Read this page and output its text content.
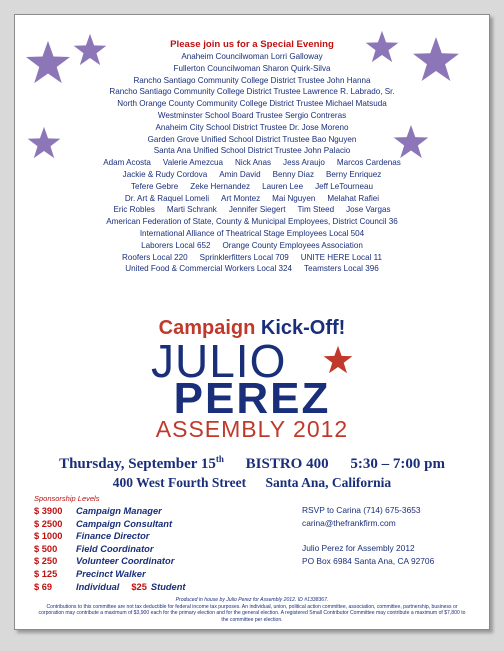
Please join us for a Special Evening
Anaheim Councilwoman Lorri Galloway
Fullerton Councilwoman Sharon Quirk-Silva
Rancho Santiago Community College District Trustee John Hanna
Rancho Santiago Community College District Trustee Lawrence R. Labrado, Sr.
North Orange County Community College District Trustee Michael Matsuda
Westminster School Board Trustee Sergio Contreras
Anaheim City School District Trustee Dr. Jose Moreno
Garden Grove Unified School District Trustee Bao Nguyen
Santa Ana Unified School District Trustee John Palacio
Adam Acosta Valerie Amezcua Nick Anas Jess Araujo Marcos Cardenas
Jackie & Rudy Cordova Amin David Benny Diaz Berny Enriquez
Tefere Gebre Zeke Hernandez Lauren Lee Jeff LeTourneau
Dr. Art & Raquel Lomeli Art Montez Mai Nguyen Melahat Rafiei
Eric Robles Marti Schrank Jennifer Siegert Tim Steed Jose Vargas
American Federation of State, County & Municipal Employees, District Council 36
International Alliance of Theatrical Stage Employees Local 504
Laborers Local 652 Orange County Employees Association
Roofers Local 220 Sprinklerfitters Local 709 UNITE HERE Local 11
United Food & Commercial Workers Local 324 Teamsters Local 396
Campaign Kick-Off!
JULIO
PEREZ
ASSEMBLY 2012
Thursday, September 15th BISTRO 400 5:30 – 7:00 pm
400 West Fourth Street Santa Ana, California
Sponsorship Levels
$ 3900 Campaign Manager
$ 2500 Campaign Consultant
$ 1000 Finance Director
$ 500 Field Coordinator
$ 250 Volunteer Coordinator
$ 125 Precinct Walker
$ 69	Individual $25 Student
RSVP to Carina (714) 675-3653
carina@thefrankfirm.com
Julio Perez for Assembly 2012
PO Box 6984 Santa Ana, CA 92706
Produced in house by Julio Perez for Assembly 2012. ID #1338367.
Contributions to this committee are not tax deductible for federal income tax purposes. An individual, union, political action committee, association, committee, partnership, business or corporation may contribute a maximum of $3,900 each for the primary election and for the general election. A registered Small Contributor Committee may contribute a maximum of $7,800 to the committee per election.
